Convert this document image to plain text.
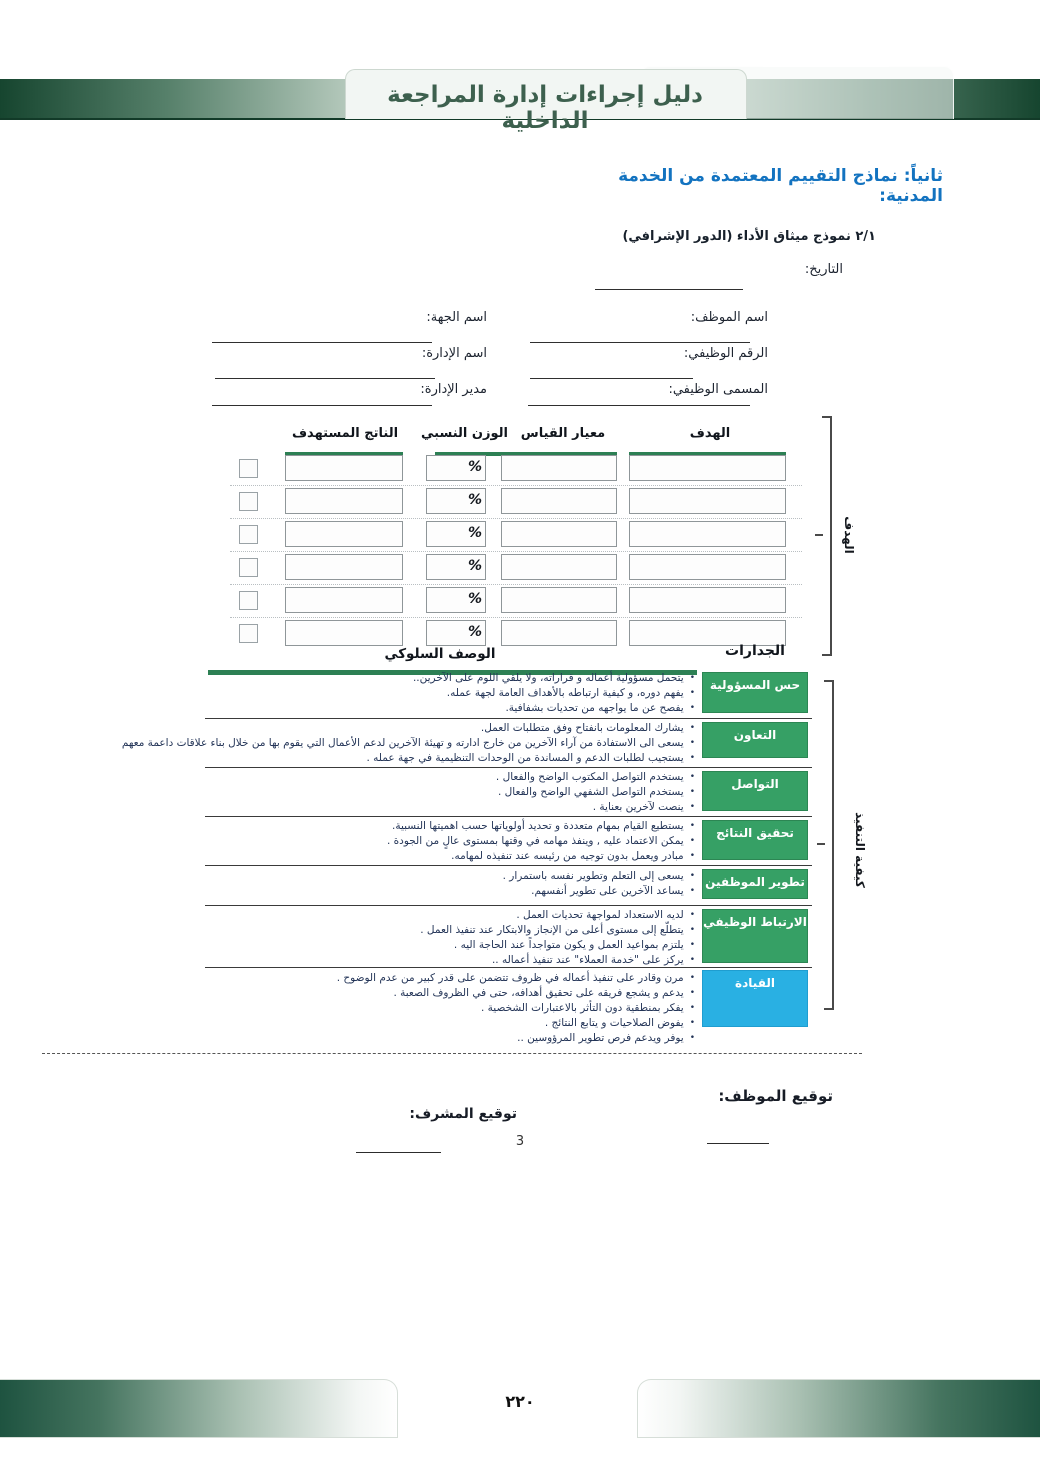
دليل إجراءات إدارة المراجعة الداخلية
ثانياً: نماذج التقييم المعتمدة من الخدمة المدنية:
٢/١ نموذج ميثاق الأداء (الدور الإشرافي)
التاريخ:
اسم الموظف:
اسم الجهة:
الرقم الوظيفي:
اسم الإدارة:
المسمى الوظيفي:
مدير الإدارة:
الهدف
معيار القياس
الوزن النسبي
الناتج المستهدف
%
%
%
%
%
%
الهدف
الجدارات
الوصف السلوكي
حس المسؤولية
•يتحمل مسؤولية أعماله و قراراته، ولا يلقي اللوم على الآخرين..
•يفهم دوره، و كيفية ارتباطه بالأهداف العامة لجهة عمله.
•يفصح عن ما يواجهه من تحديات بشفافية.
التعاون
•يشارك المعلومات بانفتاح وفق متطلبات العمل.
•يسعى الى الاستفادة من آراء الآخرين من خارج ادارته و تهيئة الآخرين لدعم الأعمال التي يقوم بها من خلال بناء علاقات داعمة معهم
•يستجيب لطلبات الدعم و المساندة من الوحدات التنظيمية في جهة عمله .
التواصل
•يستخدم التواصل المكتوب الواضح والفعال .
•يستخدم التواصل الشفهي الواضح والفعال .
•ينصت لآخرين بعناية .
تحقيق النتائج
•يستطيع القيام بمهام متعددة و تحديد أولوياتها حسب اهميتها النسبية.
•يمكن الاعتماد عليه , وينفذ مهامه في وقتها بمستوى عالٍ من الجودة .
•مبادر ويعمل بدون توجيه من رئيسه عند تنفيذه لمهامه.
تطوير الموظفين
•يسعى إلى التعلم وتطوير نفسه باستمرار .
•يساعد الآخرين على تطوير أنفسهم.
الارتباط الوظيفي
•لديه الاستعداد لمواجهة تحديات العمل .
•يتطلّع إلى مستوى أعلى من الإنجاز والابتكار عند تنفيذ العمل .
•يلتزم بمواعيد العمل و يكون متواجداً عند الحاجة اليه .
•يركز على "خدمة العملاء" عند تنفيذ أعماله ..
القيادة
•مرن وقادر على تنفيذ أعماله في ظروف تتضمن على قدر كبير من عدم الوضوح .
•يدعم و يشجع فريقه على تحقيق أهدافه، حتى في الظروف الصعبة .
•يفكر بمنطقية دون التأثر بالاعتبارات الشخصية .
•يفوض الصلاحيات و يتابع النتائج .
•يوفر ويدعم فرص تطوير المرؤوسين ..
كيفية التنفيذ
توقيع الموظف:
توقيع المشرف:
3
٢٢٠
